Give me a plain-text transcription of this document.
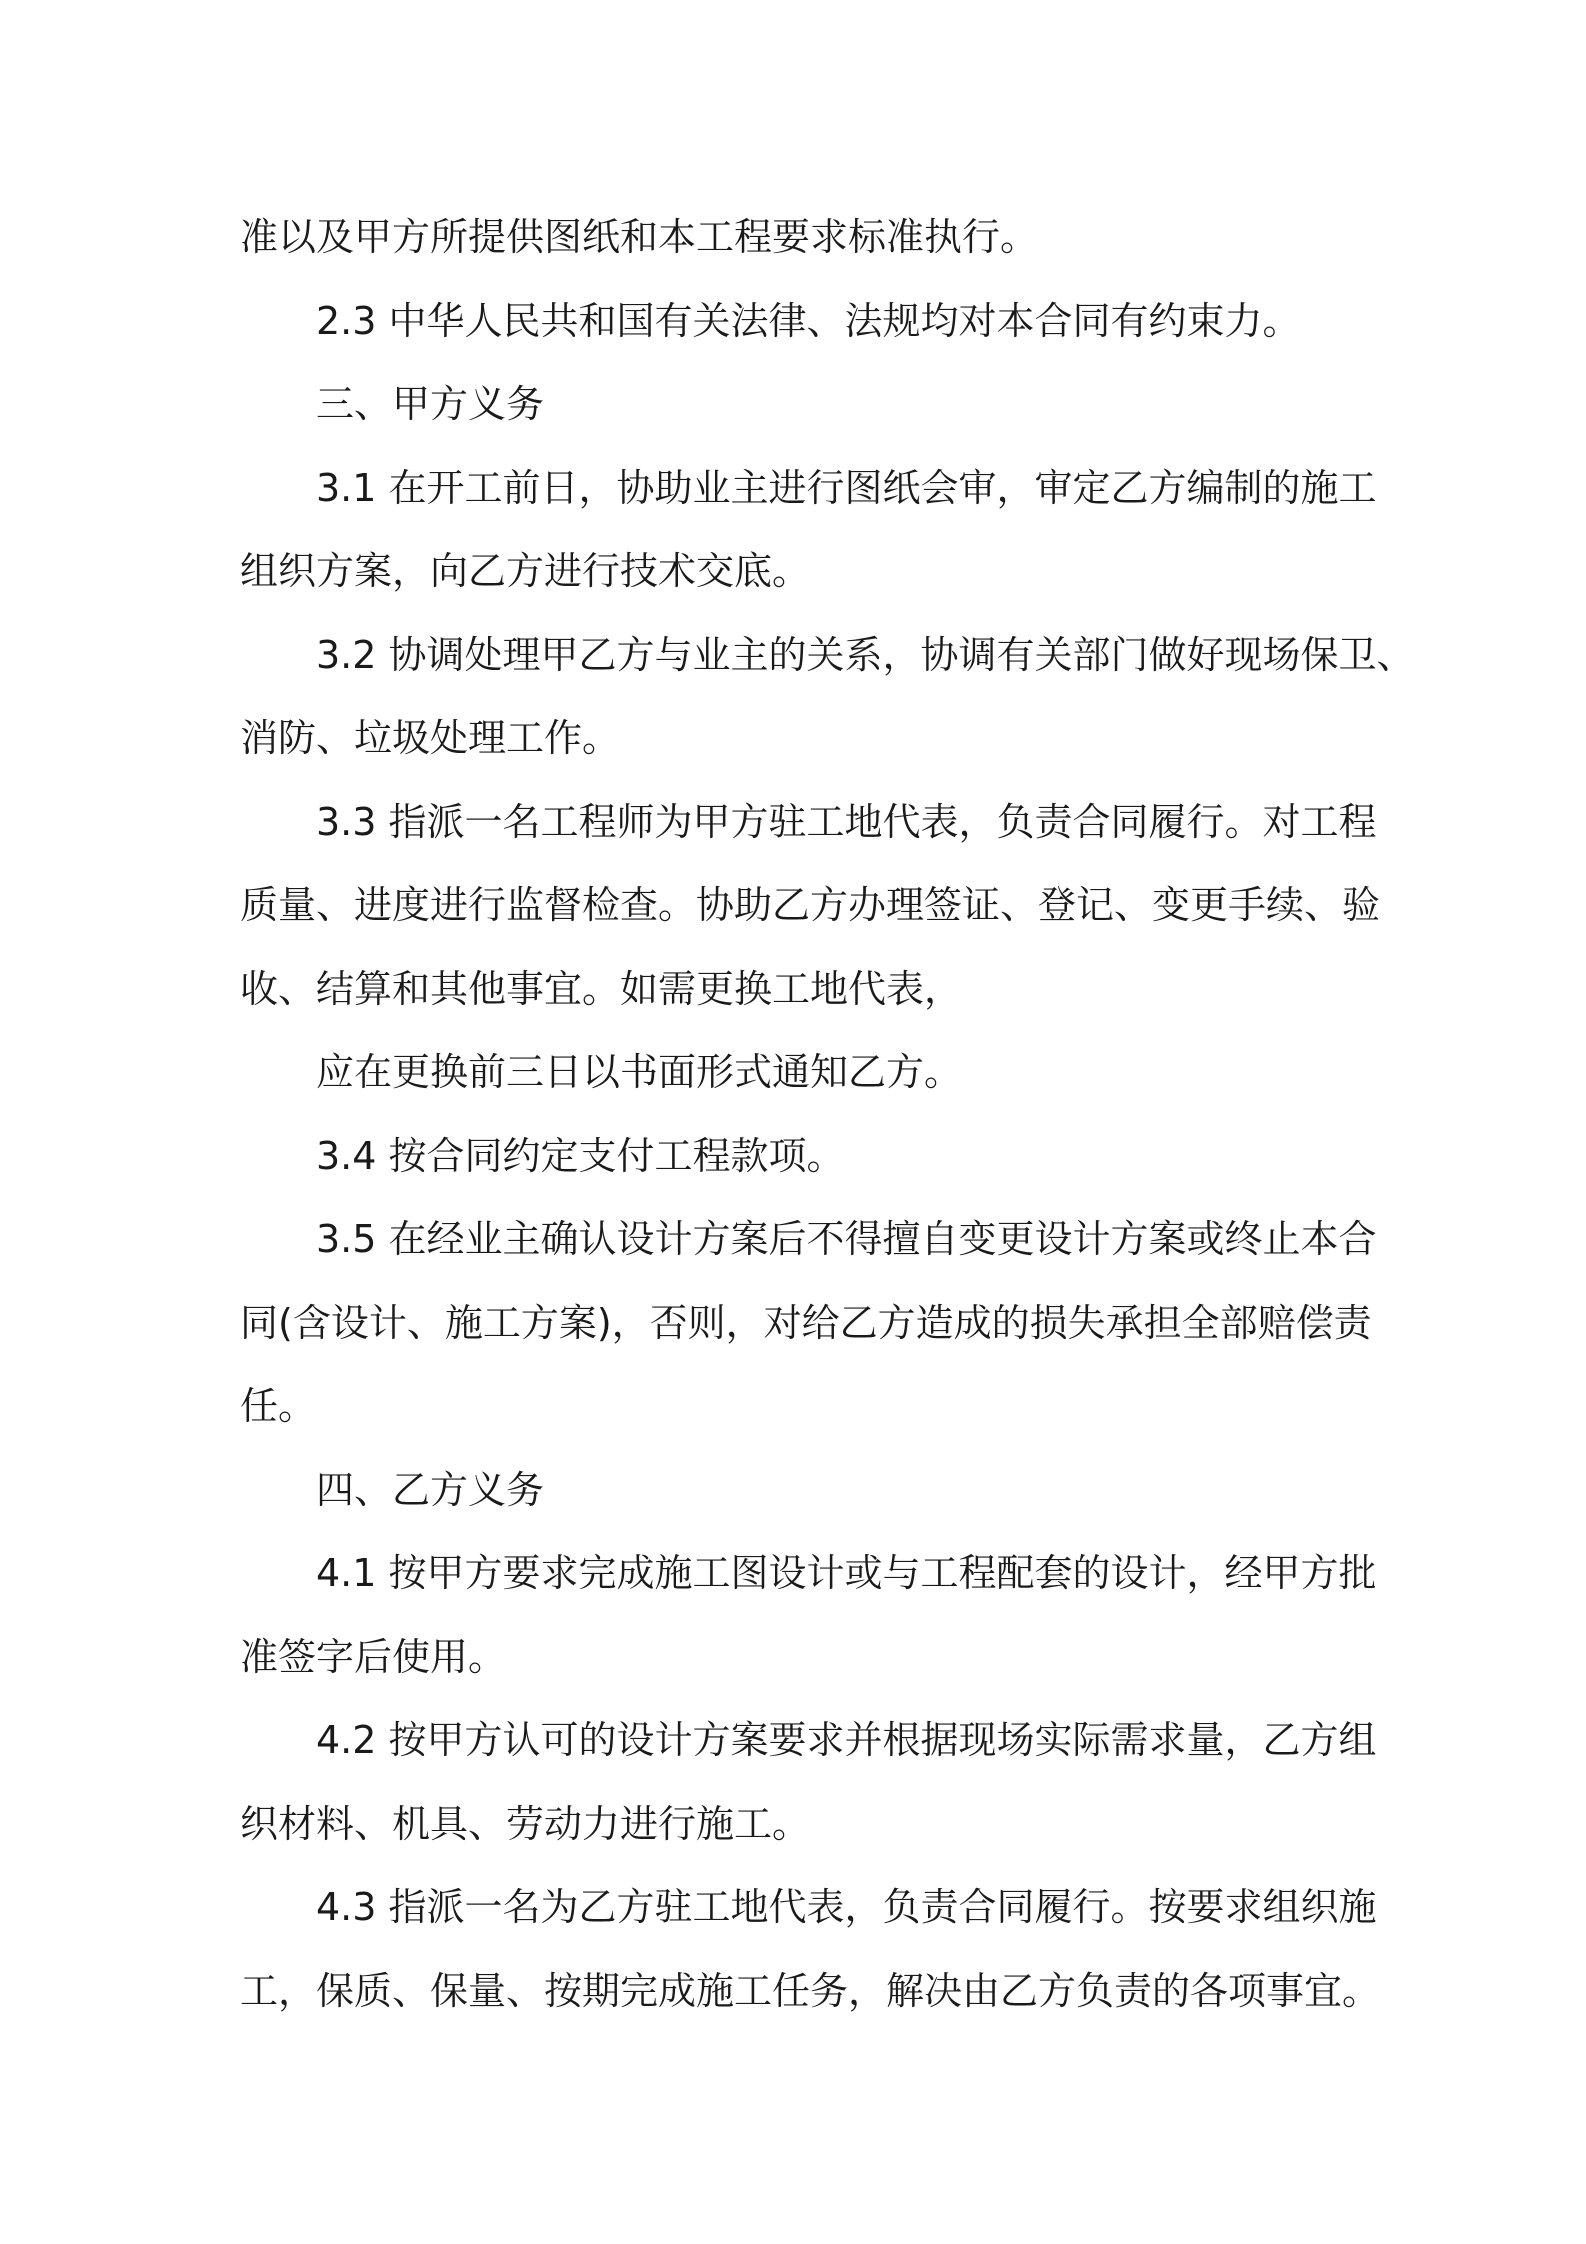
准以及甲方所提供图纸和本工程要求标准执行。

2.3 中华人民共和国有关法律、法规均对本合同有约束力。

三、甲方义务

3.1 在开工前日，协助业主进行图纸会审，审定乙方编制的施工

组织方案，向乙方进行技术交底。

3.2 协调处理甲乙方与业主的关系，协调有关部门做好现场保卫、

消防、垃圾处理工作。

3.3 指派一名工程师为甲方驻工地代表，负责合同履行。对工程

质量、进度进行监督检查。协助乙方办理签证、登记、变更手续、验

收、结算和其他事宜。如需更换工地代表，

应在更换前三日以书面形式通知乙方。

3.4 按合同约定支付工程款项。

3.5 在经业主确认设计方案后不得擅自变更设计方案或终止本合

同(含设计、施工方案)，否则，对给乙方造成的损失承担全部赔偿责

任。

四、乙方义务

4.1 按甲方要求完成施工图设计或与工程配套的设计，经甲方批

准签字后使用。

4.2 按甲方认可的设计方案要求并根据现场实际需求量，乙方组

织材料、机具、劳动力进行施工。

4.3 指派一名为乙方驻工地代表，负责合同履行。按要求组织施

工，保质、保量、按期完成施工任务，解决由乙方负责的各项事宜。
